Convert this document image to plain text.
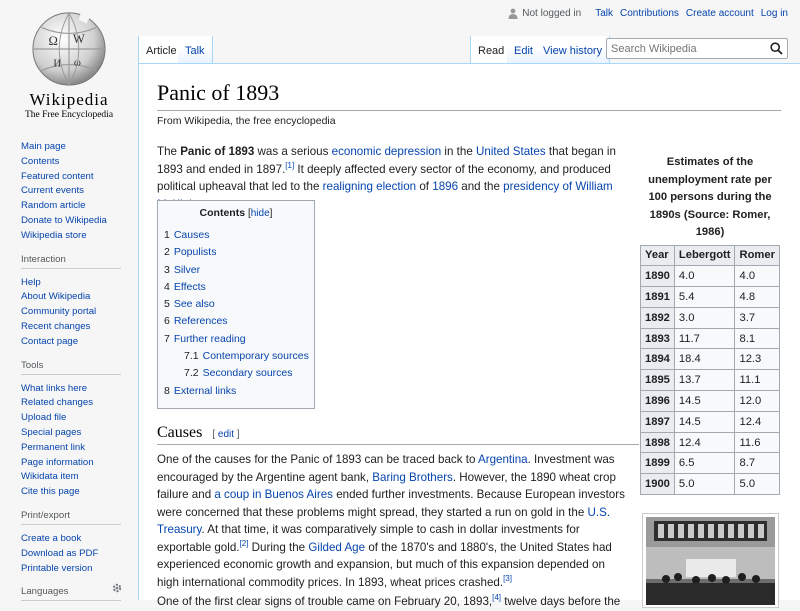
Ω W
И ω
Wikipedia
The Free Encyclopedia
Not logged in Talk Contributions Create account Log in
Article Talk	Read Edit View history
Search Wikipedia
Main page
Contents
Featured content
Current events
Random article
Donate to Wikipedia
Wikipedia store
Interaction
Help
About Wikipedia
Community portal
Recent changes
Contact page
Tools
What links here
Related changes
Upload file
Special pages
Permanent link
Page information
Wikidata item
Cite this page
Print/export
Create a book
Download as PDF
Printable version
Languages
Panic of 1893
From Wikipedia, the free encyclopedia

The Panic of 1893 was a serious economic depression in the United States that began in 1893 and ended in 1897.[1] It deeply affected every sector of the economy, and produced political upheaval that led to the realigning election of 1896 and the presidency of William

Contents [hide]
1 Causes
2 Populists
3 Silver
4 Effects
5 See also
6 References
7 Further reading
7.1 Contemporary sources
7.2 Secondary sources
8 External links
Causes [ edit ]

One of the causes for the Panic of 1893 can be traced back to Argentina. Investment was encouraged by the Argentine agent bank, Baring Brothers. However, the 1890 wheat crop failure and a coup in Buenos Aires ended further investments. Because European investors were concerned that these problems might spread, they started a run on gold in the U.S. Treasury. At that time, it was comparatively simple to cash in dollar investments for exportable gold.[2] During the Gilded Age of the 1870's and 1880's, the United States had experienced economic growth and expansion, but much of this expansion depended on high international commodity prices. In 1893, wheat prices crashed.[3]

One of the first clear signs of trouble came on February 20, 1893,[4] twelve days before the

Estimates of the unemployment rate per 100 persons during the 1890s (Source: Romer, 1986)
Year	Lebergott	Romer
1890	4.0	4.0
1891	5.4	4.8
1892	3.0	3.7
1893	11.7	8.1
1894	18.4	12.3
1895	13.7	11.1
1896	14.5	12.0
1897	14.5	12.4
1898	12.4	11.6
1899	6.5	8.7
1900	5.0	5.0
